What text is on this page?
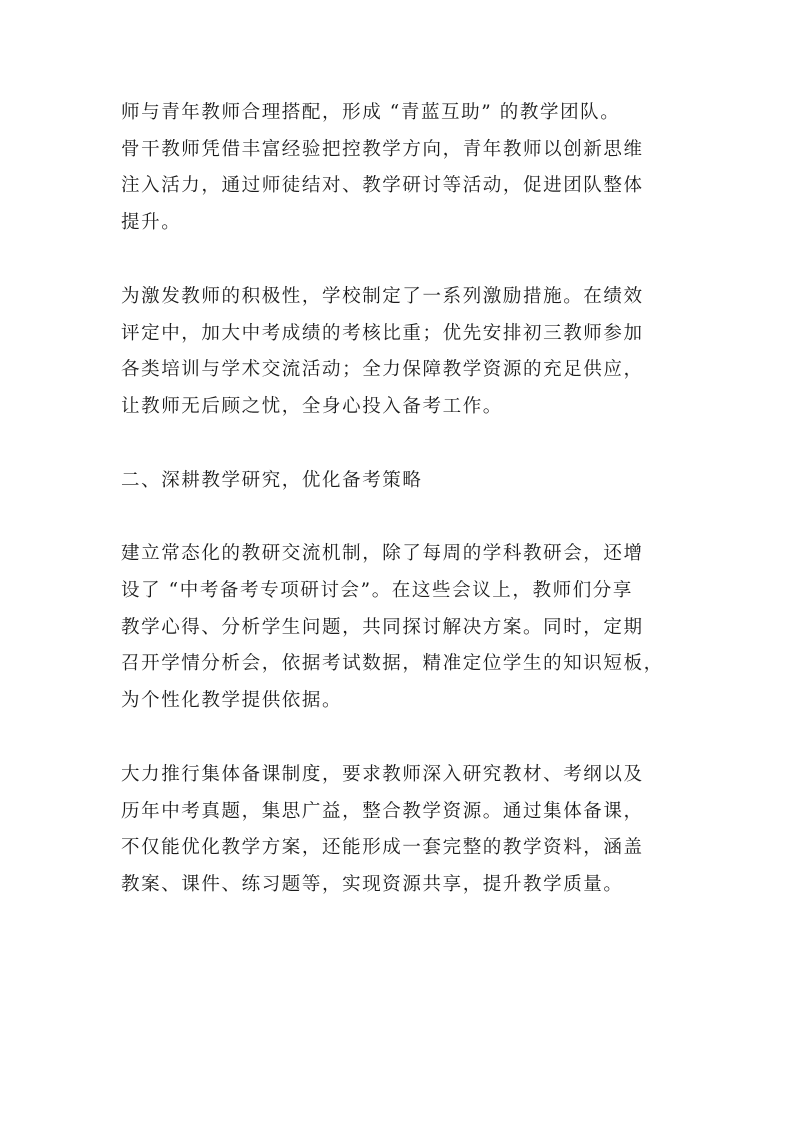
师与青年教师合理搭配，形成 “青蓝互助” 的教学团队。
骨干教师凭借丰富经验把控教学方向，青年教师以创新思维
注入活力，通过师徒结对、教学研讨等活动，促进团队整体
提升。
为激发教师的积极性，学校制定了一系列激励措施。在绩效
评定中，加大中考成绩的考核比重；优先安排初三教师参加
各类培训与学术交流活动；全力保障教学资源的充足供应，
让教师无后顾之忧，全身心投入备考工作。
二、深耕教学研究，优化备考策略
建立常态化的教研交流机制，除了每周的学科教研会，还增
设了 “中考备考专项研讨会”。在这些会议上，教师们分享
教学心得、分析学生问题，共同探讨解决方案。同时，定期
召开学情分析会，依据考试数据，精准定位学生的知识短板，
为个性化教学提供依据。
大力推行集体备课制度，要求教师深入研究教材、考纲以及
历年中考真题，集思广益，整合教学资源。通过集体备课，
不仅能优化教学方案，还能形成一套完整的教学资料，涵盖
教案、课件、练习题等，实现资源共享，提升教学质量。
